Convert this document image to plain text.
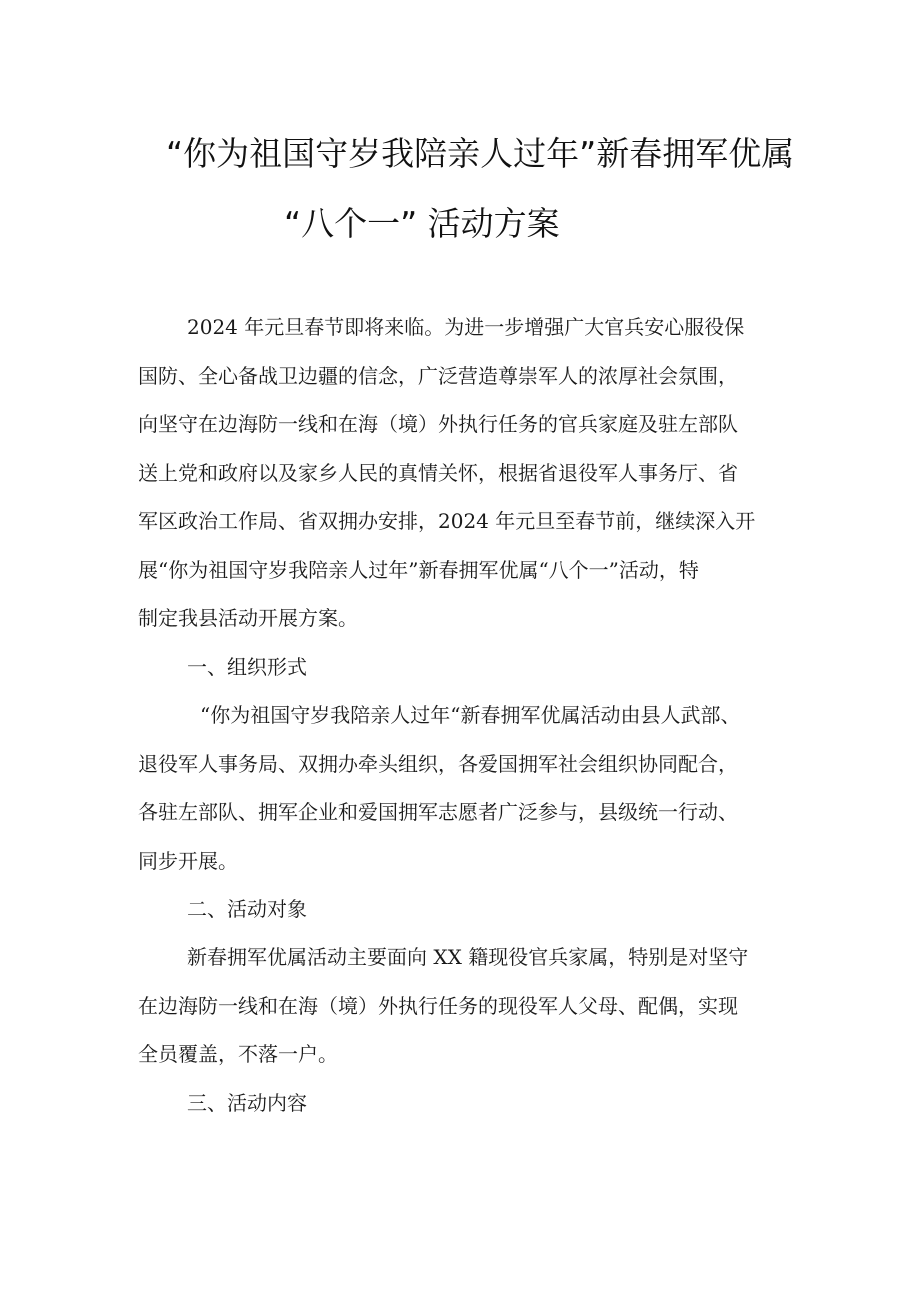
“你为祖国守岁我陪亲人过年”新春拥军优属
“八个一” 活动方案
2024 年元旦春节即将来临。为进一步增强广大官兵安心服役保
国防、全心备战卫边疆的信念，广泛营造尊崇军人的浓厚社会氛围，
向坚守在边海防一线和在海（境）外执行任务的官兵家庭及驻左部队
送上党和政府以及家乡人民的真情关怀，根据省退役军人事务厅、省
军区政治工作局、省双拥办安排，2024 年元旦至春节前，继续深入开
展“你为祖国守岁我陪亲人过年”新春拥军优属“八个一”活动，特
制定我县活动开展方案。
一、组织形式
“你为祖国守岁我陪亲人过年“新春拥军优属活动由县人武部、
退役军人事务局、双拥办牵头组织，各爱国拥军社会组织协同配合，
各驻左部队、拥军企业和爱国拥军志愿者广泛参与，县级统一行动、
同步开展。
二、活动对象
新春拥军优属活动主要面向 XX 籍现役官兵家属，特别是对坚守
在边海防一线和在海（境）外执行任务的现役军人父母、配偶，实现
全员覆盖，不落一户。
三、活动内容
